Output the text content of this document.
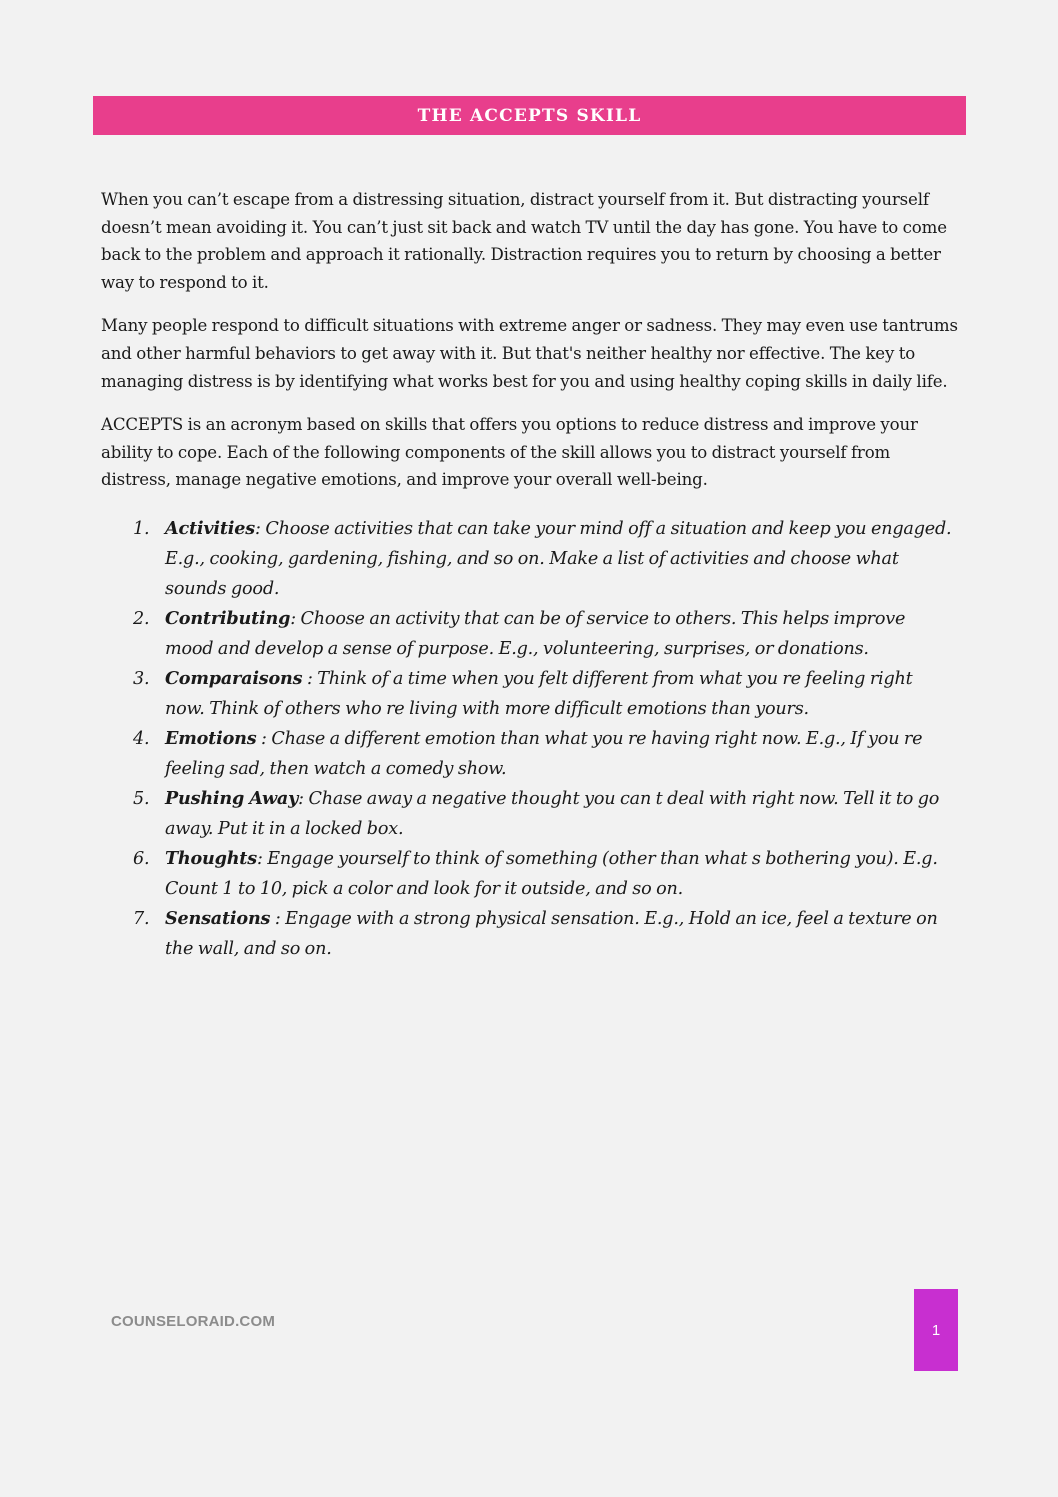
THE ACCEPTS SKILL

When you can’t escape from a distressing situation, distract yourself from it. But distracting yourself doesn’t mean avoiding it. You can’t just sit back and watch TV until the day has gone. You have to come back to the problem and approach it rationally. Distraction requires you to return by choosing a better way to respond to it.

Many people respond to difficult situations with extreme anger or sadness. They may even use tantrums and other harmful behaviors to get away with it. But that's neither healthy nor effective. The key to managing distress is by identifying what works best for you and using healthy coping skills in daily life.

ACCEPTS is an acronym based on skills that offers you options to reduce distress and improve your ability to cope. Each of the following components of the skill allows you to distract yourself from distress, manage negative emotions, and improve your overall well-being.

1. Activities: Choose activities that can take your mind off a situation and keep you engaged. E.g., cooking, gardening, fishing, and so on. Make a list of activities and choose what sounds good.
2. Contributing: Choose an activity that can be of service to others. This helps improve mood and develop a sense of purpose. E.g., volunteering, surprises, or donations.
3. Comparaisons : Think of a time when you felt different from what you re feeling right now. Think of others who re living with more difficult emotions than yours.
4. Emotions : Chase a different emotion than what you re having right now. E.g., If you re feeling sad, then watch a comedy show.
5. Pushing Away: Chase away a negative thought you can t deal with right now. Tell it to go away. Put it in a locked box.
6. Thoughts: Engage yourself to think of something (other than what s bothering you). E.g. Count 1 to 10, pick a color and look for it outside, and so on.
7. Sensations : Engage with a strong physical sensation. E.g., Hold an ice, feel a texture on the wall, and so on.
COUNSELORAID.COM	1
